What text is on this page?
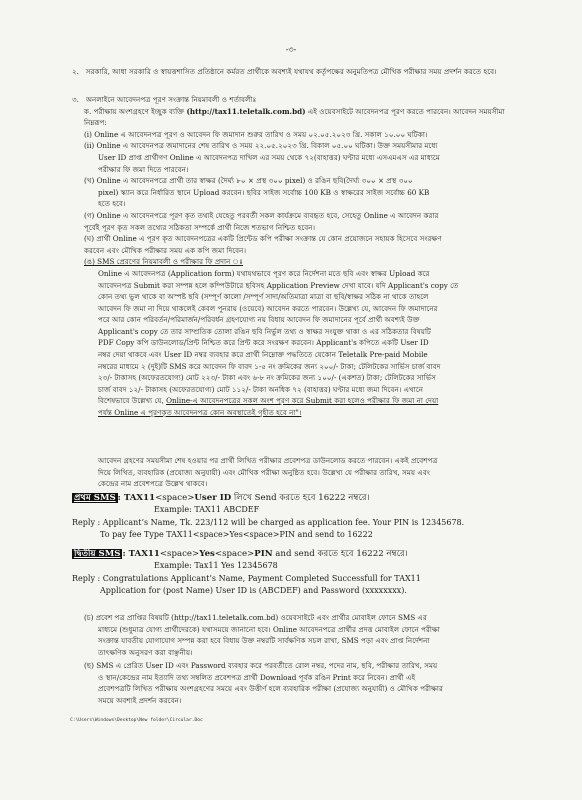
-৩-

২. সরকারি, আধা সরকারি ও স্বায়ত্তশাসিত প্রতিষ্ঠানে কর্মরত প্রার্থীকে অবশ্যই যথাযথ কর্তৃপক্ষের অনুমতিপত্র মৌখিক পরীক্ষার সময় প্রদর্শন করতে হবে।

৩. অনলাইনে আবেদনপত্র পূরণ সংক্রান্ত নিয়মাবলী ও শর্তাবলীঃ

ক. পরীক্ষায় অংশগ্রহণে ইচ্ছুক ব্যক্তি (http://tax11.teletalk.com.bd) এই ওয়েবসাইটে আবেদনপত্র পূরণ করতে পারবেন। আবেদন সময়সীমা নিম্নরূপ:

(i) Online এ আবেদনপত্র পূরণ ও আবেদন ফি জমাদান শুরুর তারিখ ও সময় ০২.০৫.২০২৩ খ্রি. সকাল ১০.০০ ঘটিকা।

(ii) Online এ আবেদনপত্র জমাদানের শেষ তারিখ ও সময় ২২.০৫.২০২৩ খ্রি. বিকাল ০৫.০০ ঘটিকা। উক্ত সময়সীমার মধ্যে

User ID প্রাপ্ত প্রার্থীগণ Online এ আবেদনপত্র দাখিল এর সময় থেকে ৭২(বাহাত্তর) ঘণ্টার মধ্যে এসএমএস এর মাধ্যমে

পরীক্ষার ফি জমা দিতে পারবেন।

(খ) Online এ আবেদনপত্রে প্রার্থী তার স্বাক্ষর (দৈর্ঘ্য ৮০ × প্রস্থ ৩০০ pixel) ও রঙিন ছবি(দৈর্ঘ্য ৩০০ × প্রস্থ ৩০০

pixel) স্ক্যান করে নির্ধারিত স্থানে Upload করবেন। ছবির সাইজ সর্বোচ্চ 100 KB ও স্বাক্ষরের সাইজ সর্বোচ্চ 60 KB

হতে হবে।

(গ) Online এ আবেদনপত্রে পূরণ কৃত তথ্যই যেহেতু পরবর্তী সকল কার্যক্রমে ব্যবহৃত হবে, সেহেতু Online এ আবেদন করার

পূর্বেই পূরণ কৃত সকল তথ্যের সঠিকতা সম্পর্কে প্রার্থী নিজে শতভাগ নিশ্চিত হবেন।

(ঘ) প্রার্থী Online এ পূরণ কৃত আবেদনপত্রের একটি প্রিন্টেড কপি পরীক্ষা সংক্রান্ত যে কোন প্রয়োজনে সহায়ক হিসেবে সংরক্ষণ

করবেন এবং মৌখিক পরীক্ষার সময় এক কপি জমা দিবেন।

(ঙ) SMS প্রেরণের নিয়মাবলী ও পরীক্ষার ফি প্রদান ঃ

Online এ আবেদনপত্র (Application form) যথাযথভাবে পূরণ করে নির্দেশনা মতে ছবি এবং স্বাক্ষর Upload করে

আবেদনপত্র Submit করা সম্পন্ন হলে কম্পিউটারে ছবিসহ Application Preview দেখা যাবে। যদি Applicant's copy তে

কোন তথ্য ভুল থাকে বা অস্পষ্ট ছবি (সম্পূর্ণ কালো /সম্পূর্ণ সাদা/অতিমাত্রা মাত্রা বা ছবি/স্বাক্ষর সঠিক না থাকে তাহলে

আবেদন ফি জমা না দিয়ে থাকলেই কেবল পুনরায় (ওয়েবে) আবেদন করতে পারবেন। উল্লেখ্য যে, আবেদন ফি জমাদানের

পরে আর কোন পরিবর্তন/পরিমার্জন/পরিবর্ধন গ্রহণযোগ্য নয় বিধায় আবেদন ফি জমাদানের পূর্বে প্রার্থী অবশ্যই উক্ত

Applicant's copy তে তার সাম্প্রতিক তোলা রঙিন ছবি নির্ভুল তথ্য ও স্বাক্ষর সংযুক্ত থাকা ও এর সঠিকতার বিষয়টি

PDF Copy কপি ডাউনলোড/প্রিন্ট নিশ্চিত করে প্রিন্ট করে সংরক্ষণ করবেন। Applicant's কপিতে একটি User ID

নম্বর দেয়া থাকবে এবং User ID নম্বর ব্যবহার করে প্রার্থী নিম্নোক্ত পদ্ধতিতে যেকোন Teletalk Pre-paid Mobile

নম্বরের মাধ্যমে ২ (দুই)টি SMS করে আবেদন ফি বাবদ ১-৫ নং ক্রমিকের জন্য ২০০/- টাকা; টেলিটকের সার্ভিস চার্জ বাবদ

২৩/- টাকাসহ (অফেরতযোগ্য) মোট ২২৩/- টাকা এবং ৬-৮ নং ক্রমিকের জন্য ১০০/- (একশত) টাকা; টেলিটকের সার্ভিস

চার্জ বাবদ ১২/- টাকাসহ (অফেরতযোগ্য) মোট ১১২/- টাকা অনধিক ৭২ (বাহাত্তর) ঘণ্টার মধ্যে জমা দিবেন। এখানে

বিশেষভাবে উল্লেখ্য যে, Online-এ আবেদনপত্রের সকল অংশ পূরণ করে Submit করা হলেও পরীক্ষার ফি জমা না দেয়া

পর্যন্ত Online এ পূরণকৃত আবেদনপত্র কোন অবস্থাতেই গৃহীত হবে না"।

আবেদন গ্রহণের সময়সীমা শেষ হওয়ার পর প্রার্থী লিখিত পরীক্ষার প্রবেশপত্র ডাউনলোড করতে পারবেন। একই প্রবেশপত্র

দিয়ে লিখিত, ব্যবহারিক (প্রযোজ্য অনুযায়ী) এবং মৌখিক পরীক্ষা অনুষ্ঠিত হবে। উল্লেখ্য যে পরীক্ষার তারিখ, সময় এবং

কেন্দ্রের নাম প্রবেশপত্রে উল্লেখ থাকবে।

প্রথম SMS : TAX11<space>User ID লিখে Send করতে হবে 16222 নম্বরে।

Example: TAX11 ABCDEF

Reply : Applicant’s Name, Tk. 223/112 will be charged as application fee. Your PIN is 12345678.

To pay fee Type TAX11<space>Yes<space>PIN and send to 16222

দ্বিতীয় SMS : TAX11<space>Yes<space>PIN and send করতে হবে 16222 নম্বরে।

Example: Tax11 Yes 12345678

Reply : Congratulations Applicant’s Name, Payment Completed Successfull for TAX11

Application for (post Name) User ID is (ABCDEF) and Password (xxxxxxxx).

(চ) প্রবেশ পত্র প্রাপ্তির বিষয়টি (http://tax11.teletalk.com.bd) ওয়েবসাইটে এবং প্রার্থীর মোবাইল ফোনে SMS এর

মাধ্যমে (শুধুমাত্র যোগ্য প্রার্থীদেরকে) যথাসময়ে জানানো হবে। Online আবেদনপত্রে প্রার্থীর প্রদত্ত মোবাইল ফোনে পরীক্ষা

সংক্রান্ত যাবতীয় যোগাযোগ সম্পন্ন করা হবে বিধায় উক্ত নম্বরটি সার্বক্ষণিক সচল রাখা, SMS পড়া এবং প্রাপ্ত নির্দেশনা

তাৎক্ষণিক অনুসরণ করা বাঞ্ছনীয়।

(ছ) SMS এ প্রেরিত User ID এবং Password ব্যবহার করে পরবর্তীতে রোল নম্বর, পদের নাম, ছবি, পরীক্ষার তারিখ, সময়

ও স্থান/কেন্দ্রের নাম ইত্যাদি তথ্য সম্বলিত প্রবেশপত্র প্রার্থী Download পূর্বক রঙিন Print করে নিবেন। প্রার্থী এই

প্রবেশপত্রটি লিখিত পরীক্ষায় অংশগ্রহণের সময়ে এবং উত্তীর্ণ হলে ব্যবহারিক পরীক্ষা (প্রযোজ্য অনুযায়ী) ও মৌখিক পরীক্ষার

সময়ে অবশ্যই প্রদর্শন করবেন।

C:\Users\Windows\Desktop\New folder\Circular.Doc
